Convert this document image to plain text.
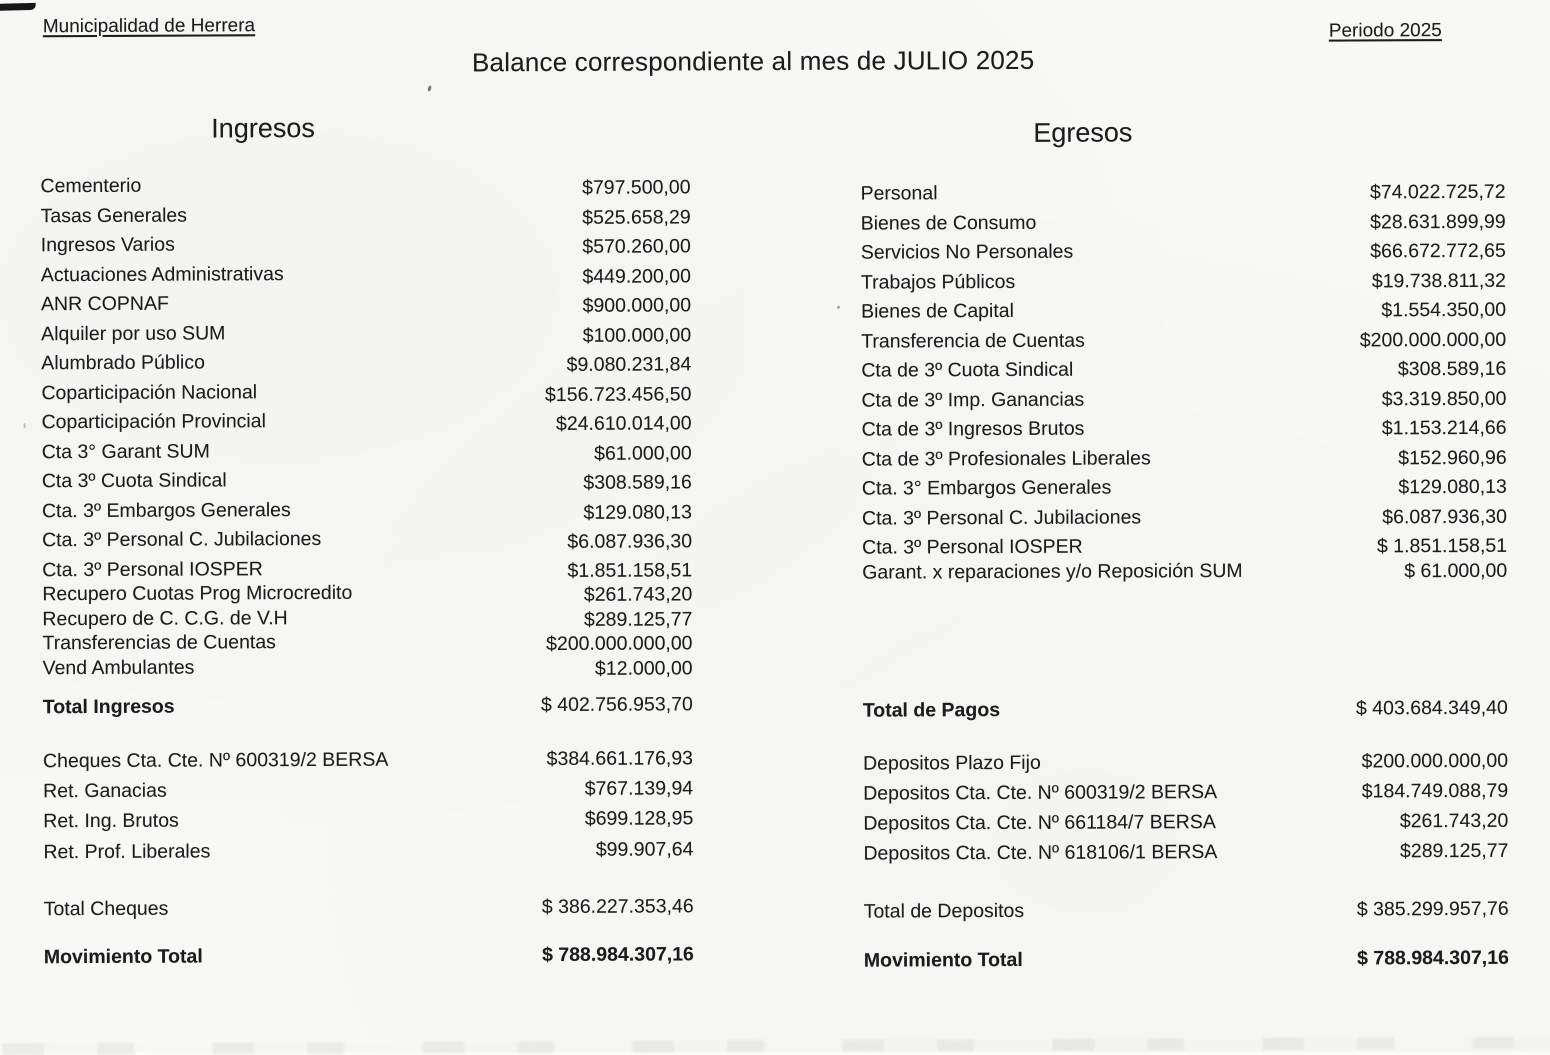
Municipalidad de Herrera	Periodo 2025
Balance correspondiente al mes de JULIO 2025
Ingresos	Egresos
Cementerio	$797.500,00
Tasas Generales	$525.658,29
Ingresos Varios	$570.260,00
Actuaciones Administrativas	$449.200,00
ANR COPNAF	$900.000,00
Alquiler por uso SUM	$100.000,00
Alumbrado Público	$9.080.231,84
Coparticipación Nacional	$156.723.456,50
Coparticipación Provincial	$24.610.014,00
Cta 3° Garant SUM	$61.000,00
Cta 3º Cuota Sindical	$308.589,16
Cta. 3º Embargos Generales	$129.080,13
Cta. 3º Personal C. Jubilaciones	$6.087.936,30
Cta. 3º Personal IOSPER	$1.851.158,51
Recupero Cuotas Prog Microcredito	$261.743,20
Recupero de C. C.G. de V.H	$289.125,77
Transferencias de Cuentas	$200.000.000,00
Vend Ambulantes	$12.000,00
Personal	$74.022.725,72
Bienes de Consumo	$28.631.899,99
Servicios No Personales	$66.672.772,65
Trabajos Públicos	$19.738.811,32
Bienes de Capital	$1.554.350,00
Transferencia de Cuentas	$200.000.000,00
Cta de 3º Cuota Sindical	$308.589,16
Cta de 3º Imp. Ganancias	$3.319.850,00
Cta de 3º Ingresos Brutos	$1.153.214,66
Cta de 3º Profesionales Liberales	$152.960,96
Cta. 3° Embargos Generales	$129.080,13
Cta. 3º Personal C. Jubilaciones	$6.087.936,30
Cta. 3º Personal IOSPER	$ 1.851.158,51
Garant. x reparaciones y/o Reposición SUM	$ 61.000,00
Total Ingresos	$ 402.756.953,70
Cheques Cta. Cte. Nº 600319/2 BERSA	$384.661.176,93
Ret. Ganacias	$767.139,94
Ret. Ing. Brutos	$699.128,95
Ret. Prof. Liberales	$99.907,64
Total Cheques	$ 386.227.353,46
Movimiento Total	$ 788.984.307,16
Total de Pagos	$ 403.684.349,40
Depositos Plazo Fijo	$200.000.000,00
Depositos Cta. Cte. Nº 600319/2 BERSA	$184.749.088,79
Depositos Cta. Cte. Nº 661184/7 BERSA	$261.743,20
Depositos Cta. Cte. Nº 618106/1 BERSA	$289.125,77
Total de Depositos	$ 385.299.957,76
Movimiento Total	$ 788.984.307,16
